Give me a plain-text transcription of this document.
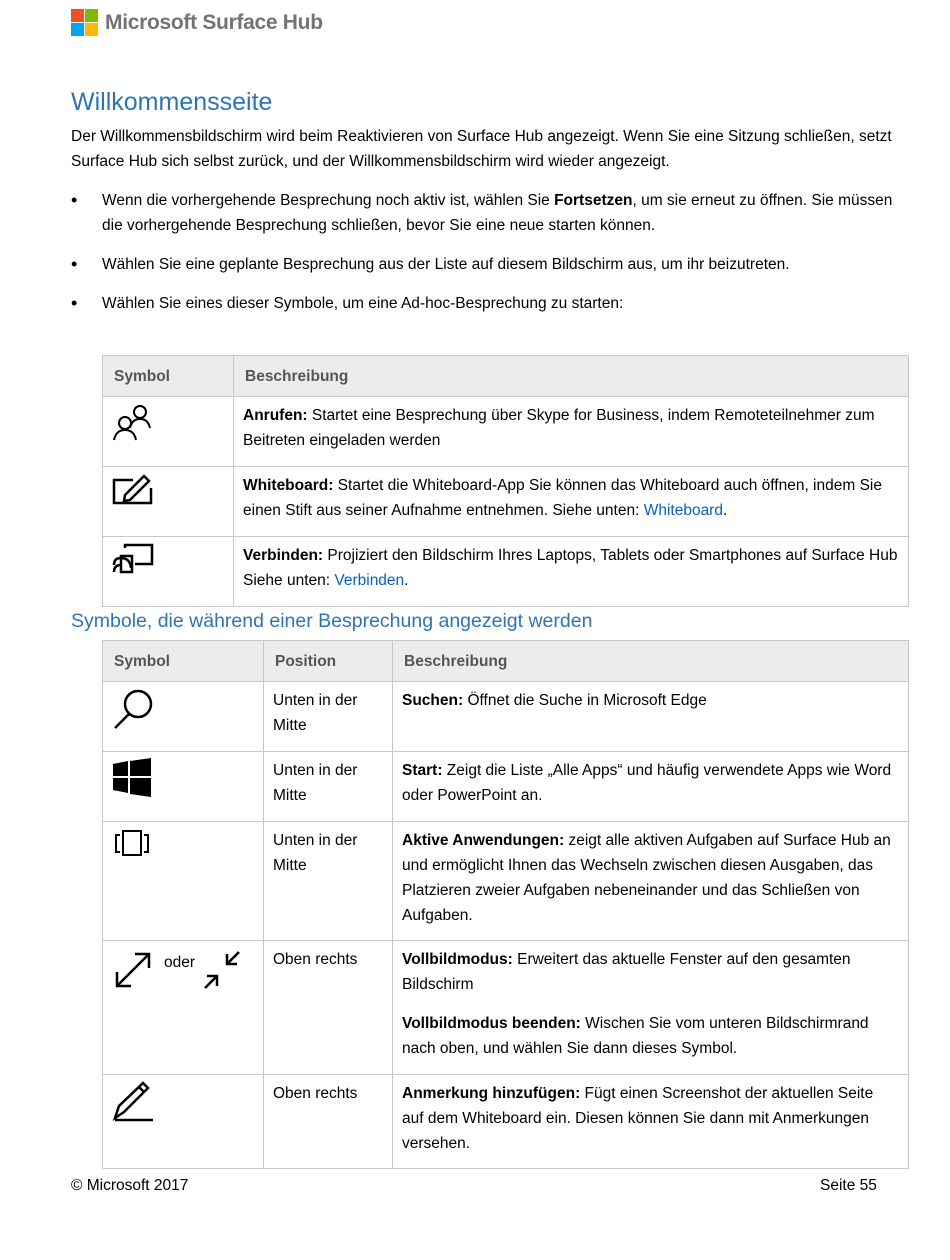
Microsoft Surface Hub
Willkommensseite

Der Willkommensbildschirm wird beim Reaktivieren von Surface Hub angezeigt. Wenn Sie eine Sitzung schließen, setzt Surface Hub sich selbst zurück, und der Willkommensbildschirm wird wieder angezeigt.

• Wenn die vorhergehende Besprechung noch aktiv ist, wählen Sie Fortsetzen, um sie erneut zu öffnen. Sie müssen die vorhergehende Besprechung schließen, bevor Sie eine neue starten können.
• Wählen Sie eine geplante Besprechung aus der Liste auf diesem Bildschirm aus, um ihr beizutreten.
• Wählen Sie eines dieser Symbole, um eine Ad-hoc-Besprechung zu starten:
Symbol	Beschreibung

	Anrufen: Startet eine Besprechung über Skype for Business, indem Remoteteilnehmer zum Beitreten eingeladen werden

	Whiteboard: Startet die Whiteboard-App Sie können das Whiteboard auch öffnen, indem Sie einen Stift aus seiner Aufnahme entnehmen. Siehe unten: Whiteboard.

	Verbinden: Projiziert den Bildschirm Ihres Laptops, Tablets oder Smartphones auf Surface Hub Siehe unten: Verbinden.
Symbole, die während einer Besprechung angezeigt werden
Symbol	Position	Beschreibung

	Unten in der Mitte	Suchen: Öffnet die Suche in Microsoft Edge

	Unten in der Mitte	Start: Zeigt die Liste „Alle Apps“ und häufig verwendete Apps wie Word oder PowerPoint an.

	Unten in der Mitte	Aktive Anwendungen: zeigt alle aktiven Aufgaben auf Surface Hub an und ermöglicht Ihnen das Wechseln zwischen diesen Ausgaben, das Platzieren zweier Aufgaben nebeneinander und das Schließen von Aufgaben.

oder	Oben rechts	Vollbildmodus: Erweitert das aktuelle Fenster auf den gesamten Bildschirm
Vollbildmodus beenden: Wischen Sie vom unteren Bildschirmrand nach oben, und wählen Sie dann dieses Symbol.

	Oben rechts	Anmerkung hinzufügen: Fügt einen Screenshot der aktuellen Seite auf dem Whiteboard ein. Diesen können Sie dann mit Anmerkungen versehen.
© Microsoft 2017	Seite 55
